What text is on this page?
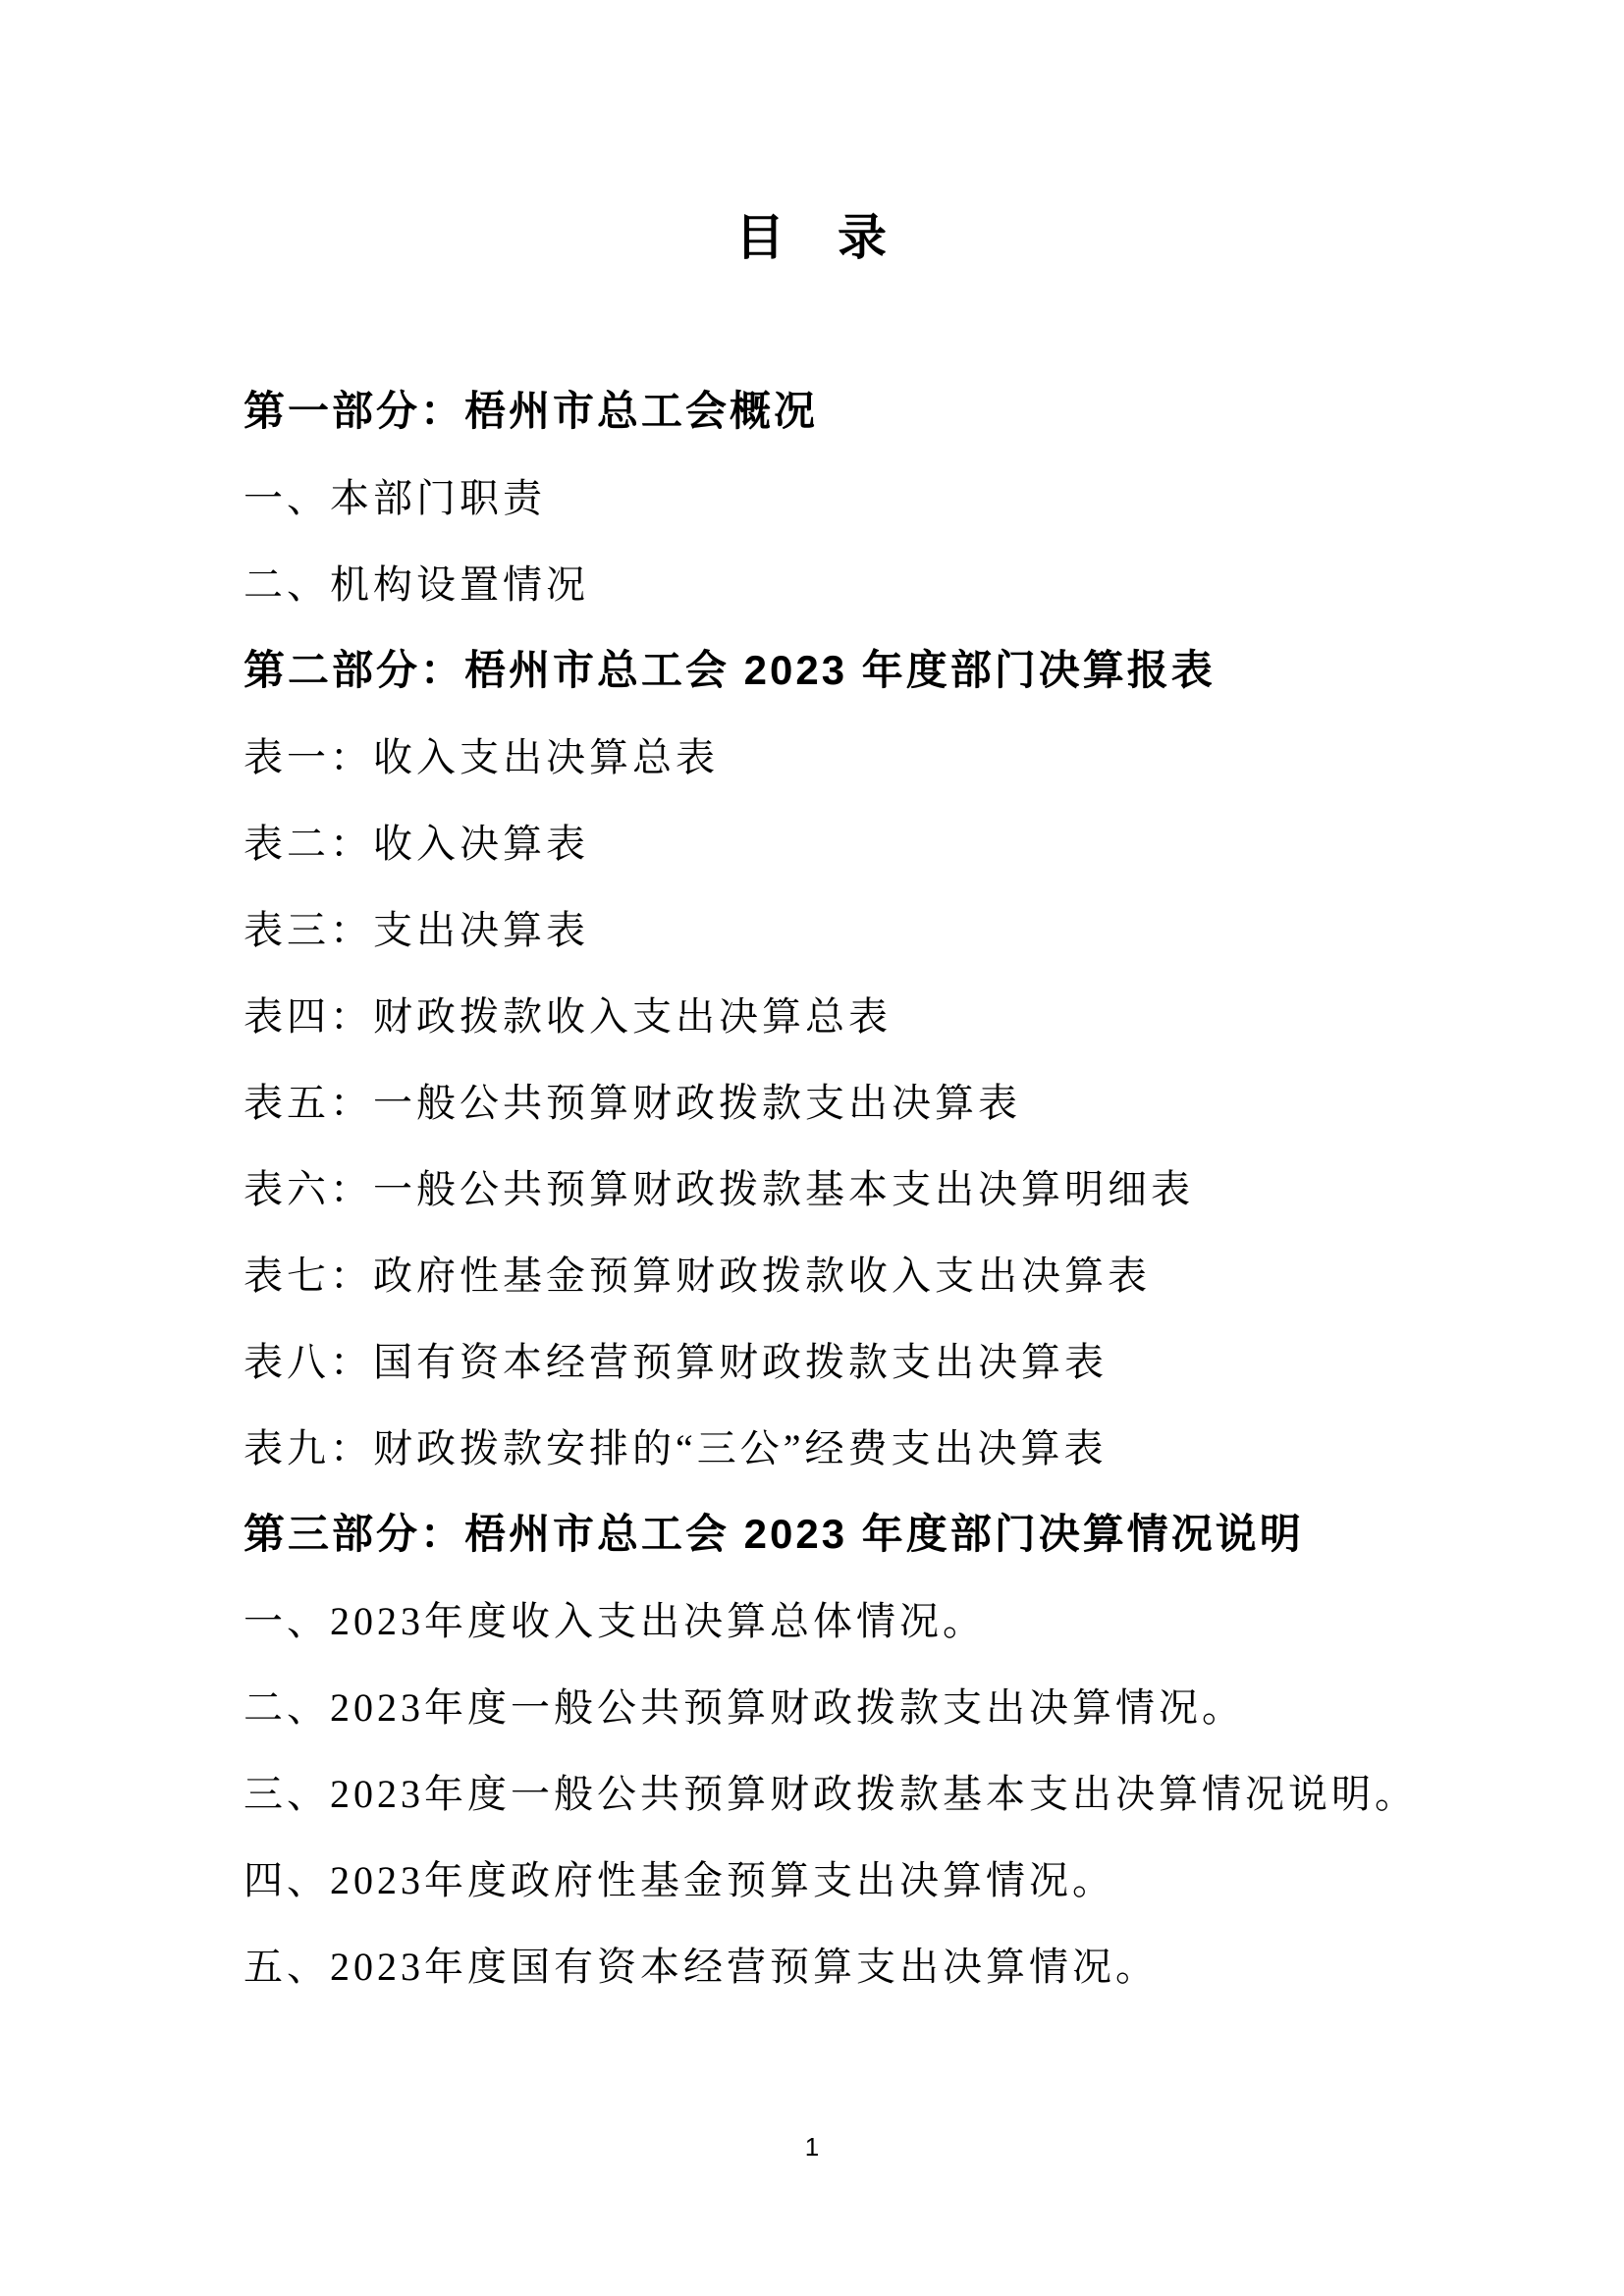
目　录

第一部分：梧州市总工会概况

一、本部门职责

二、机构设置情况

第二部分：梧州市总工会 2023 年度部门决算报表

表一：收入支出决算总表

表二：收入决算表

表三：支出决算表

表四：财政拨款收入支出决算总表

表五：一般公共预算财政拨款支出决算表

表六：一般公共预算财政拨款基本支出决算明细表

表七：政府性基金预算财政拨款收入支出决算表

表八：国有资本经营预算财政拨款支出决算表

表九：财政拨款安排的“三公”经费支出决算表

第三部分：梧州市总工会 2023 年度部门决算情况说明

一、2023年度收入支出决算总体情况。

二、2023年度一般公共预算财政拨款支出决算情况。

三、2023年度一般公共预算财政拨款基本支出决算情况说明。

四、2023年度政府性基金预算支出决算情况。

五、2023年度国有资本经营预算支出决算情况。

1
